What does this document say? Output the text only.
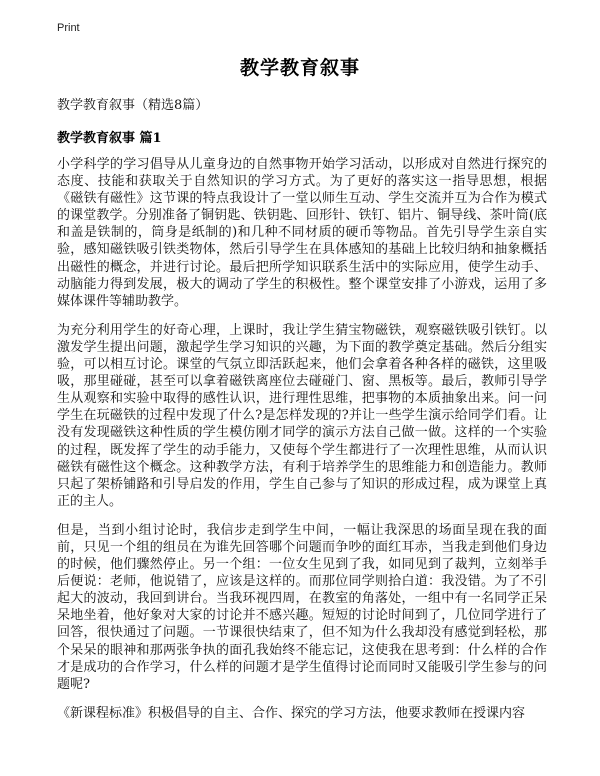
Print
教学教育叙事
教学教育叙事（精选8篇）
教学教育叙事 篇1

小学科学的学习倡导从儿童身边的自然事物开始学习活动，以形成对自然进行探究的态度、技能和获取关于自然知识的学习方式。为了更好的落实这一指导思想，根据《磁铁有磁性》这节课的特点我设计了一堂以师生互动、学生交流并互为合作为模式的课堂教学。分别准备了铜钥匙、铁钥匙、回形针、铁钉、铝片、铜导线、茶叶筒(底和盖是铁制的，筒身是纸制的)和几种不同材质的硬币等物品。首先引导学生亲自实验，感知磁铁吸引铁类物体，然后引导学生在具体感知的基础上比较归纳和抽象概括出磁性的概念，并进行讨论。最后把所学知识联系生活中的实际应用，使学生动手、动脑能力得到发展，极大的调动了学生的积极性。整个课堂安排了小游戏，运用了多媒体课件等辅助教学。

为充分利用学生的好奇心理，上课时，我让学生猜宝物磁铁，观察磁铁吸引铁钉。以激发学生提出问题，激起学生学习知识的兴趣，为下面的教学奠定基础。然后分组实验，可以相互讨论。课堂的气氛立即活跃起来，他们会拿着各种各样的磁铁，这里吸吸，那里碰碰，甚至可以拿着磁铁离座位去碰碰门、窗、黑板等。最后，教师引导学生从观察和实验中取得的感性认识，进行理性思维，把事物的本质抽象出来。问一问学生在玩磁铁的过程中发现了什么?是怎样发现的?并让一些学生演示给同学们看。让没有发现磁铁这种性质的学生模仿刚才同学的演示方法自己做一做。这样的一个实验的过程，既发挥了学生的动手能力，又使每个学生都进行了一次理性思维，从而认识磁铁有磁性这个概念。这种教学方法，有利于培养学生的思维能力和创造能力。教师只起了架桥铺路和引导启发的作用，学生自己参与了知识的形成过程，成为课堂上真正的主人。

但是，当到小组讨论时，我信步走到学生中间，一幅让我深思的场面呈现在我的面前，只见一个组的组员在为谁先回答哪个问题而争吵的面红耳赤，当我走到他们身边的时候，他们骤然停止。另一个组：一位女生见到了我，如同见到了裁判，立刻举手后便说：老师，他说错了，应该是这样的。而那位同学则拾白道：我没错。为了不引起大的波动，我回到讲台。当我环视四周，在教室的角落处，一组中有一名同学正呆呆地坐着，他好象对大家的讨论并不感兴趣。短短的讨论时间到了，几位同学进行了回答，很快通过了问题。一节课很快结束了，但不知为什么我却没有感觉到轻松，那个呆呆的眼神和那两张争执的面孔我始终不能忘记，这使我在思考到：什么样的合作才是成功的合作学习，什么样的问题才是学生值得讨论而同时又能吸引学生参与的问题呢?

《新课程标准》积极倡导的自主、合作、探究的学习方法，他要求教师在授课内容
